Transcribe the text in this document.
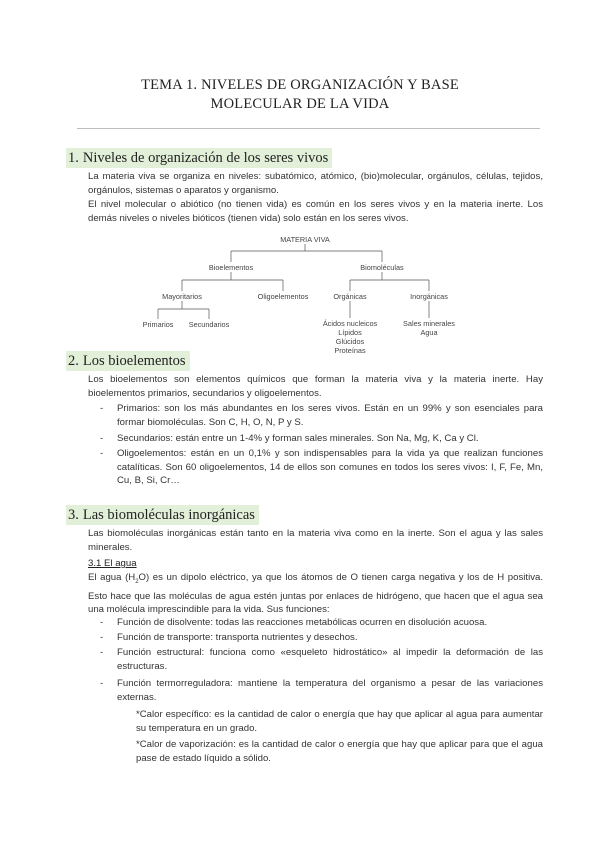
TEMA 1. NIVELES DE ORGANIZACIÓN Y BASE
MOLECULAR DE LA VIDA
1. Niveles de organización de los seres vivos
La materia viva se organiza en niveles: subatómico, atómico, (bio)molecular, orgánulos, células, tejidos, orgánulos, sistemas o aparatos y organismo.
El nivel molecular o abiótico (no tienen vida) es común en los seres vivos y en la materia inerte. Los demás niveles o niveles bióticos (tienen vida) solo están en los seres vivos.
MATERIA VIVA
Bioelementos	Biomoléculas
Mayoritarios	Oligoelementos
Primarios	Secundarios
Orgánicas	Inorgánicas
Ácidos nucleicos
Lípidos
Glúcidos
Proteínas
Sales minerales
Agua
2. Los bioelementos
Los bioelementos son elementos químicos que forman la materia viva y la materia inerte. Hay bioelementos primarios, secundarios y oligoelementos.
- Primarios: son los más abundantes en los seres vivos. Están en un 99% y son esenciales para formar biomoléculas. Son C, H, O, N, P y S.
- Secundarios: están entre un 1-4% y forman sales minerales. Son Na, Mg, K, Ca y Cl.
- Oligoelementos: están en un 0,1% y son indispensables para la vida ya que realizan funciones catalíticas. Son 60 oligoelementos, 14 de ellos son comunes en todos los seres vivos: I, F, Fe, Mn, Cu, B, Si, Cr…
3. Las biomoléculas inorgánicas
Las biomoléculas inorgánicas están tanto en la materia viva como en la inerte. Son el agua y las sales minerales.
3.1 El agua
El agua $(H_2O)$ es un dipolo eléctrico, ya que los átomos de O tienen carga negativa y los de H positiva. Esto hace que las moléculas de agua estén juntas por enlaces de hidrógeno, que hacen que el agua sea una molécula imprescindible para la vida. Sus funciones:
- Función de disolvente: todas las reacciones metabólicas ocurren en disolución acuosa.
- Función de transporte: transporta nutrientes y desechos.
- Función estructural: funciona como «esqueleto hidrostático» al impedir la deformación de las estructuras.
- Función termorreguladora: mantiene la temperatura del organismo a pesar de las variaciones externas.
*Calor específico: es la cantidad de calor o energía que hay que aplicar al agua para aumentar su temperatura en un grado.
*Calor de vaporización: es la cantidad de calor o energía que hay que aplicar para que el agua pase de estado líquido a sólido.
